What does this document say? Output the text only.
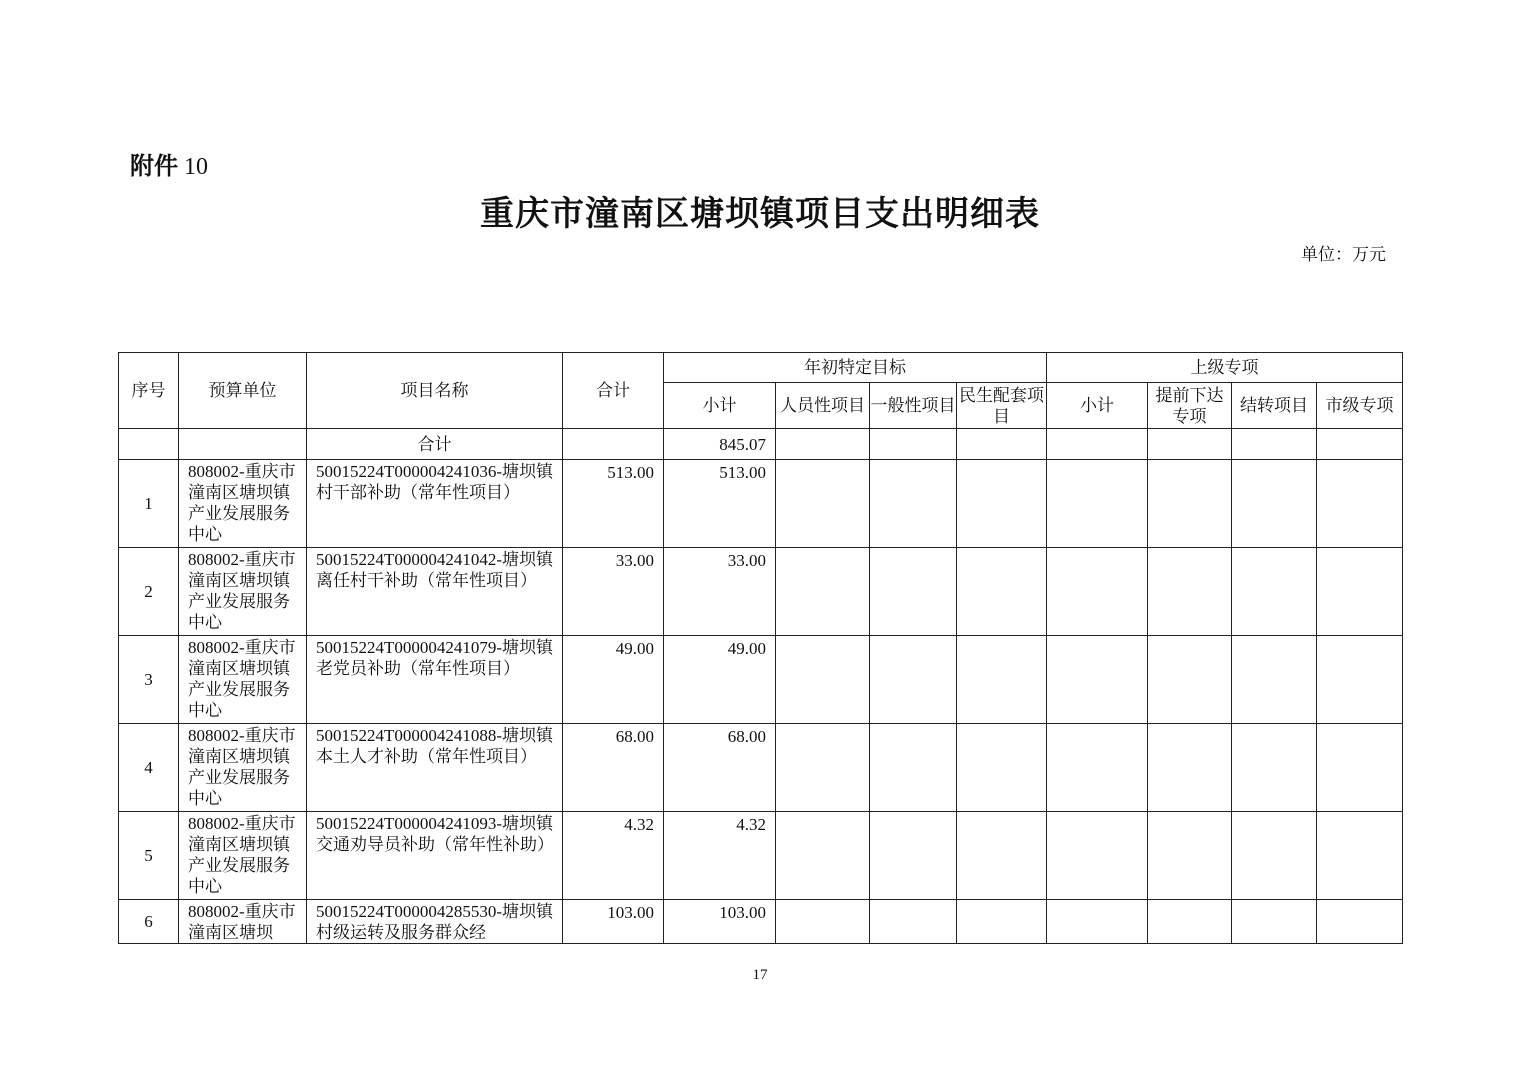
附件 10
重庆市潼南区塘坝镇项目支出明细表
单位：万元
序号	预算单位	项目名称	合计	年初特定目标				上级专项			
				小计	人员性项目	一般性项目	民生配套项目	小计	提前下达专项	结转项目	市级专项
		合计		845.07							
1	808002-重庆市潼南区塘坝镇产业发展服务中心	50015224T000004241036-塘坝镇村干部补助（常年性项目）	513.00	513.00							
2	808002-重庆市潼南区塘坝镇产业发展服务中心	50015224T000004241042-塘坝镇离任村干补助（常年性项目）	33.00	33.00							
3	808002-重庆市潼南区塘坝镇产业发展服务中心	50015224T000004241079-塘坝镇老党员补助（常年性项目）	49.00	49.00							
4	808002-重庆市潼南区塘坝镇产业发展服务中心	50015224T000004241088-塘坝镇本土人才补助（常年性项目）	68.00	68.00							
5	808002-重庆市潼南区塘坝镇产业发展服务中心	50015224T000004241093-塘坝镇交通劝导员补助（常年性补助）	4.32	4.32							
6	808002-重庆市潼南区塘坝	50015224T000004285530-塘坝镇村级运转及服务群众经	103.00	103.00							
17
